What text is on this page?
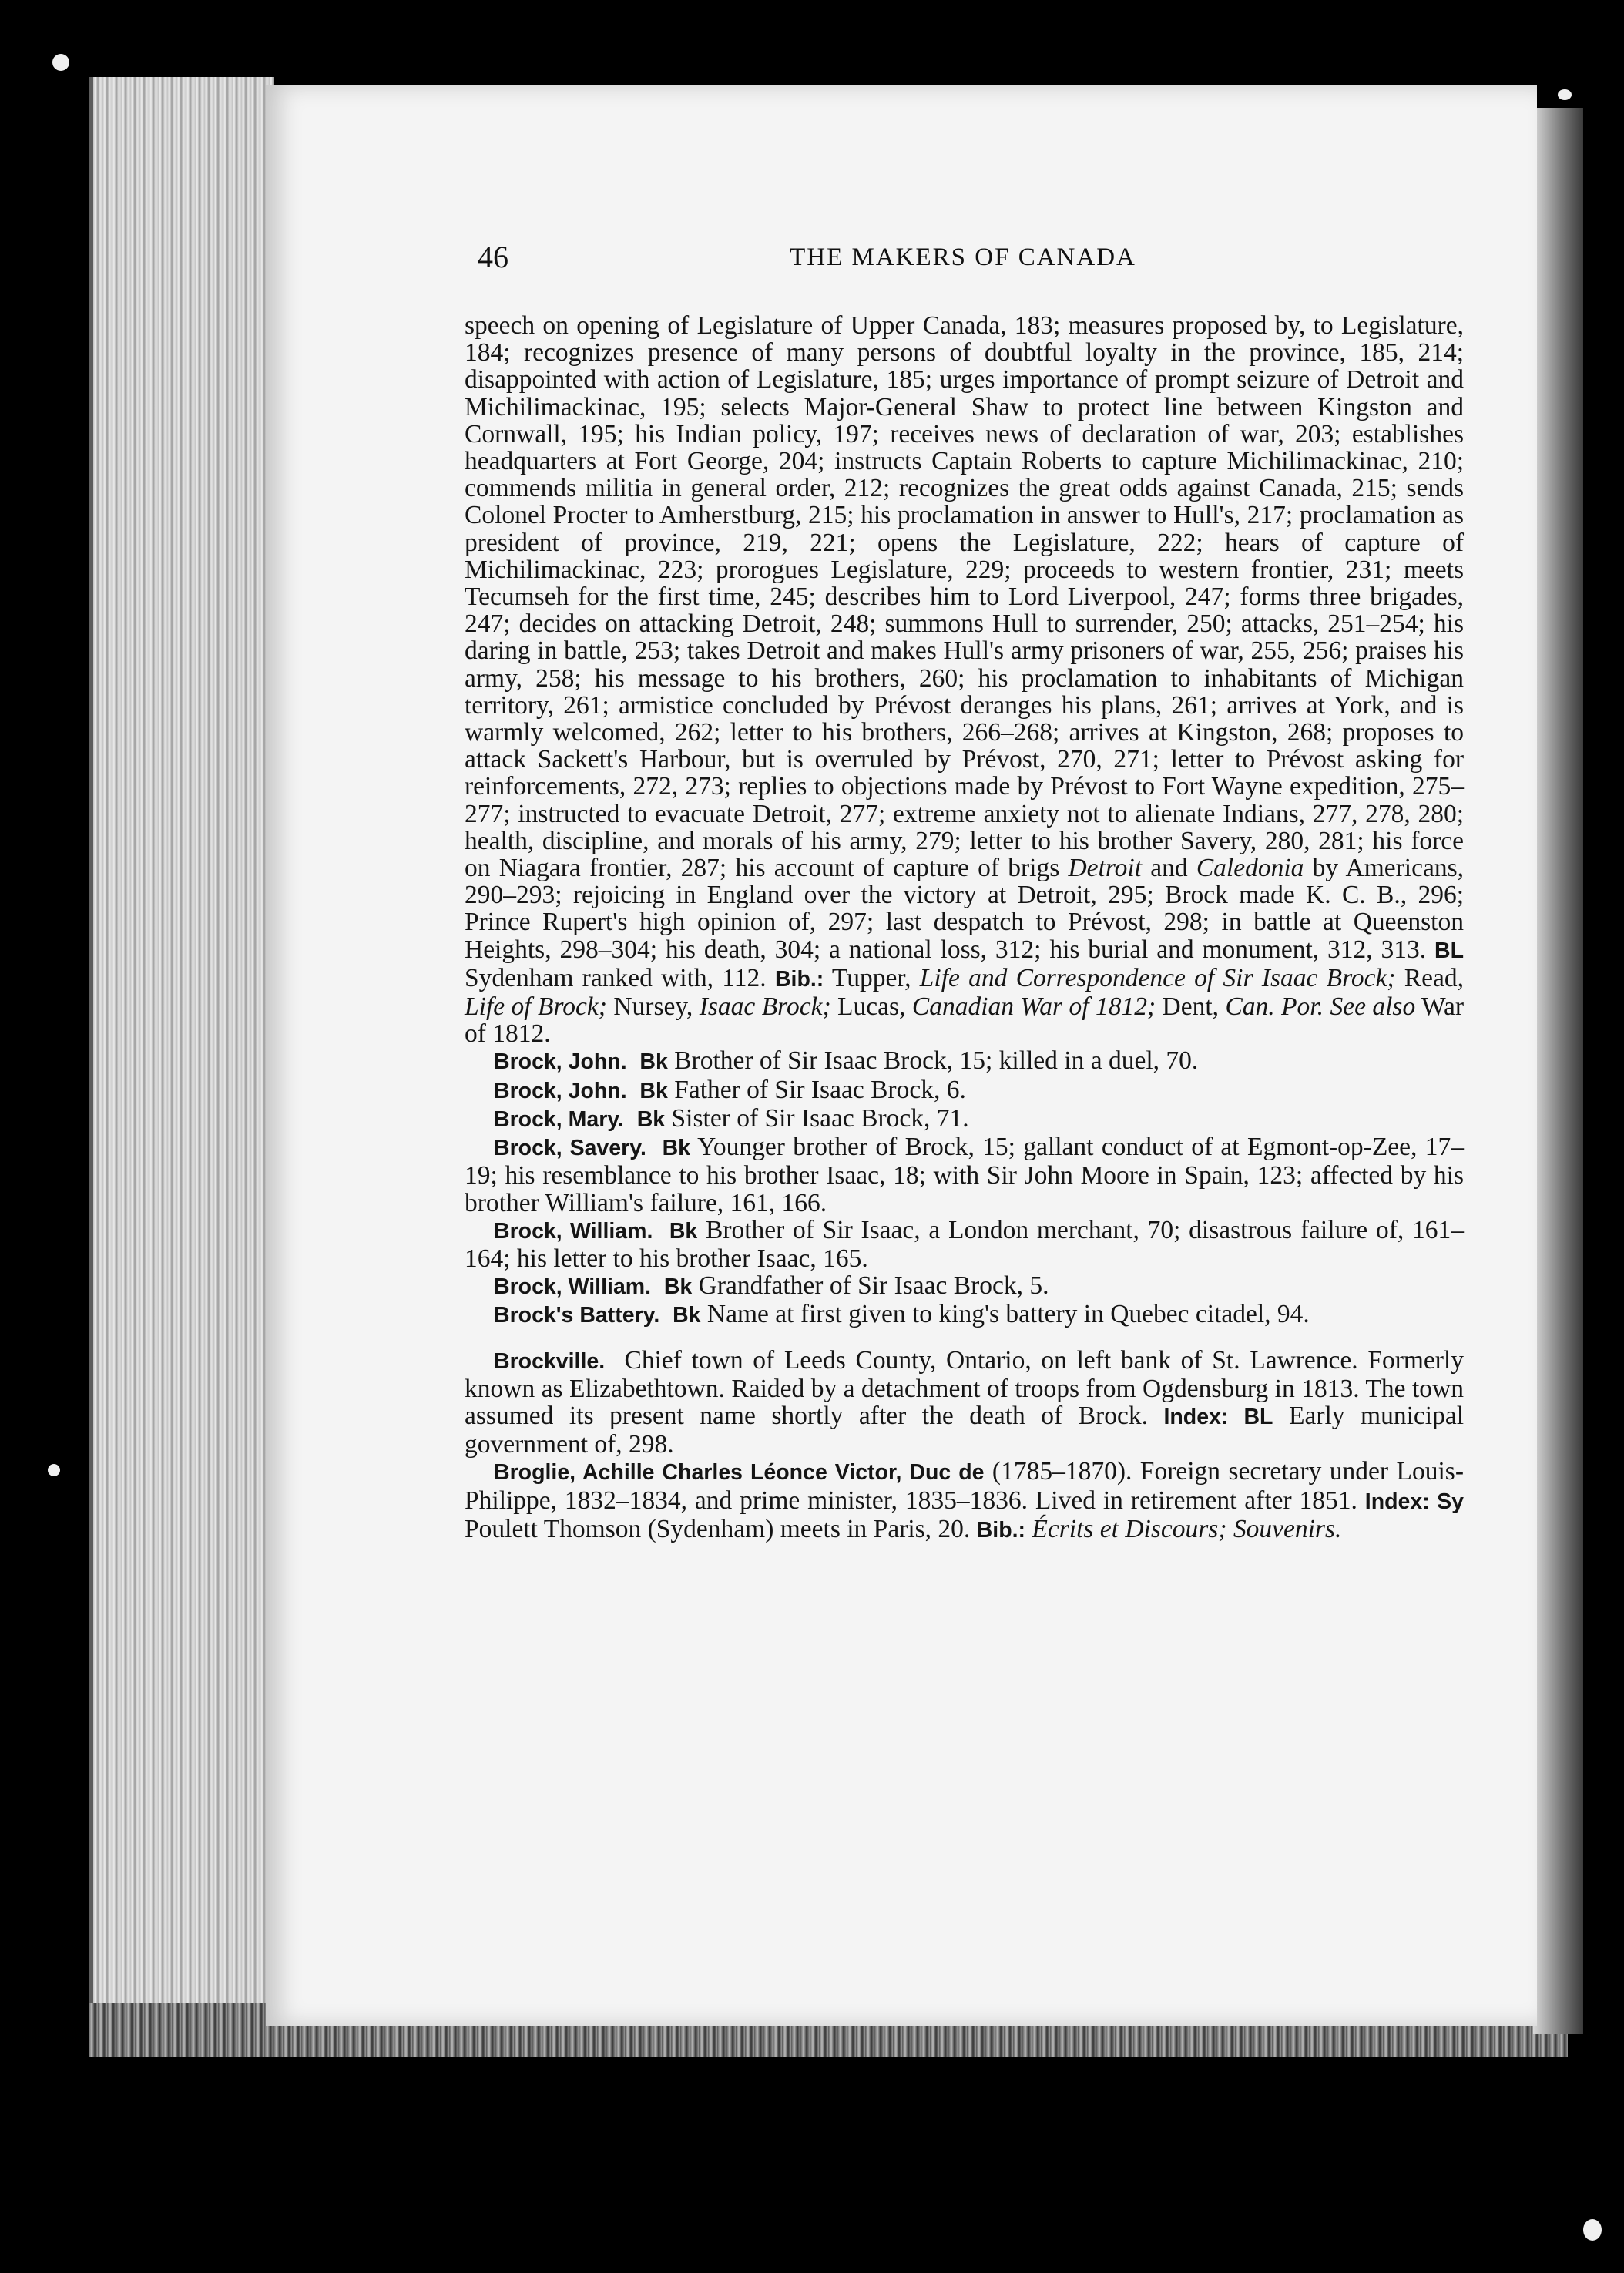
46	THE MAKERS OF CANADA

speech on opening of Legislature of Upper Canada, 183; measures proposed by, to Legislature, 184; recognizes presence of many persons of doubtful loyalty in the province, 185, 214; disappointed with action of Legislature, 185; urges importance of prompt seizure of Detroit and Michilimackinac, 195; selects Major-General Shaw to protect line between Kingston and Cornwall, 195; his Indian policy, 197; receives news of declaration of war, 203; establishes headquarters at Fort George, 204; instructs Captain Roberts to capture Michilimackinac, 210; commends militia in general order, 212; recognizes the great odds against Canada, 215; sends Colonel Procter to Amherstburg, 215; his proclamation in answer to Hull's, 217; proclamation as president of province, 219, 221; opens the Legislature, 222; hears of capture of Michilimackinac, 223; prorogues Legislature, 229; proceeds to western frontier, 231; meets Tecumseh for the first time, 245; describes him to Lord Liverpool, 247; forms three brigades, 247; decides on attacking Detroit, 248; summons Hull to surrender, 250; attacks, 251–254; his daring in battle, 253; takes Detroit and makes Hull's army prisoners of war, 255, 256; praises his army, 258; his message to his brothers, 260; his proclamation to inhabitants of Michigan territory, 261; armistice concluded by Prévost deranges his plans, 261; arrives at York, and is warmly welcomed, 262; letter to his brothers, 266–268; arrives at Kingston, 268; proposes to attack Sackett's Harbour, but is overruled by Prévost, 270, 271; letter to Prévost asking for reinforcements, 272, 273; replies to objections made by Prévost to Fort Wayne expedition, 275–277; instructed to evacuate Detroit, 277; extreme anxiety not to alienate Indians, 277, 278, 280; health, discipline, and morals of his army, 279; letter to his brother Savery, 280, 281; his force on Niagara frontier, 287; his account of capture of brigs Detroit and Caledonia by Americans, 290–293; rejoicing in England over the victory at Detroit, 295; Brock made K. C. B., 296; Prince Rupert's high opinion of, 297; last despatch to Prévost, 298; in battle at Queenston Heights, 298–304; his death, 304; a national loss, 312; his burial and monument, 312, 313. BL Sydenham ranked with, 112. Bib.: Tupper, Life and Correspondence of Sir Isaac Brock; Read, Life of Brock; Nursey, Isaac Brock; Lucas, Canadian War of 1812; Dent, Can. Por. See also War of 1812.

Brock, John. Bk Brother of Sir Isaac Brock, 15; killed in a duel, 70.

Brock, John. Bk Father of Sir Isaac Brock, 6.

Brock, Mary. Bk Sister of Sir Isaac Brock, 71.

Brock, Savery. Bk Younger brother of Brock, 15; gallant conduct of at Egmont-op-Zee, 17–19; his resemblance to his brother Isaac, 18; with Sir John Moore in Spain, 123; affected by his brother William's failure, 161, 166.

Brock, William. Bk Brother of Sir Isaac, a London merchant, 70; disastrous failure of, 161–164; his letter to his brother Isaac, 165.

Brock, William. Bk Grandfather of Sir Isaac Brock, 5.

Brock's Battery. Bk Name at first given to king's battery in Quebec citadel, 94.

Brockville. Chief town of Leeds County, Ontario, on left bank of St. Lawrence. Formerly known as Elizabethtown. Raided by a detachment of troops from Ogdensburg in 1813. The town assumed its present name shortly after the death of Brock. Index: BL Early municipal government of, 298.

Broglie, Achille Charles Léonce Victor, Duc de (1785–1870). Foreign secretary under Louis-Philippe, 1832–1834, and prime minister, 1835–1836. Lived in retirement after 1851. Index: Sy Poulett Thomson (Sydenham) meets in Paris, 20. Bib.: Écrits et Discours; Souvenirs.
